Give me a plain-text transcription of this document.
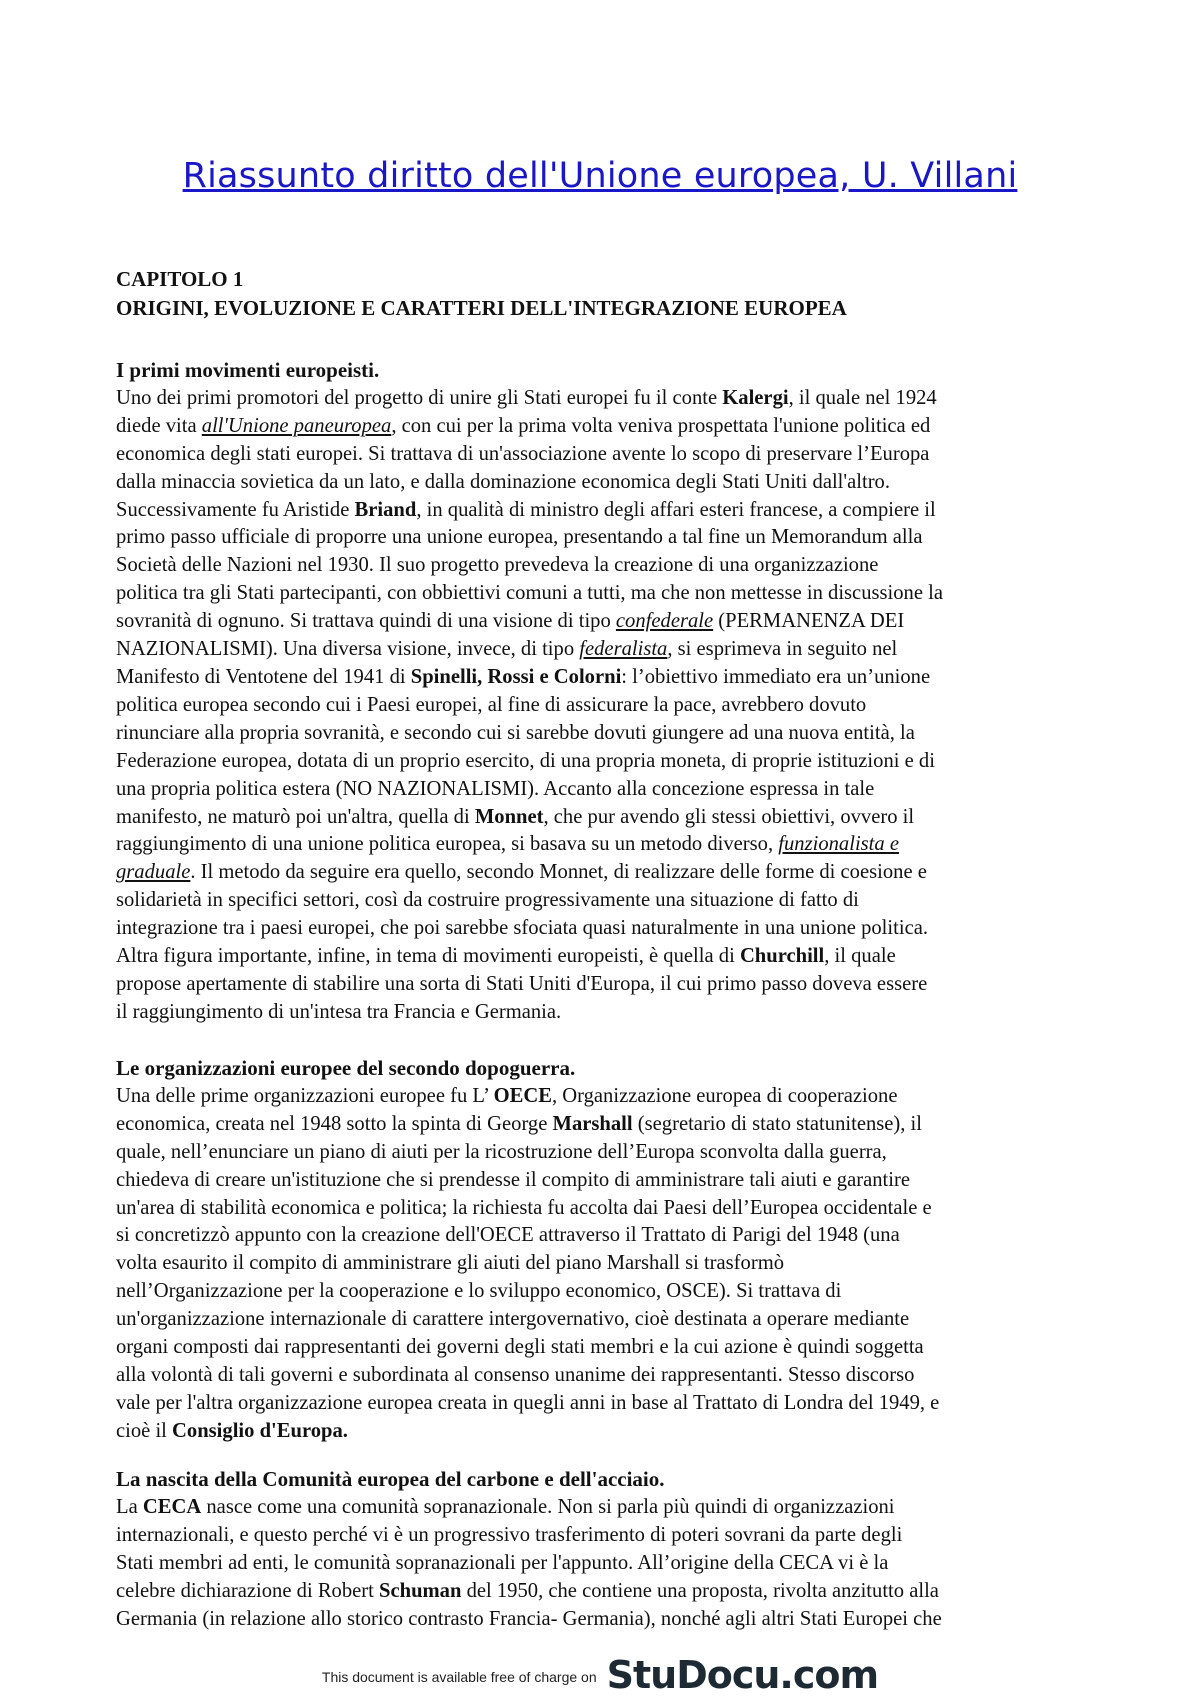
Riassunto diritto dell'Unione europea, U. Villani
CAPITOLO 1
ORIGINI, EVOLUZIONE E CARATTERI DELL'INTEGRAZIONE EUROPEA
I primi movimenti europeisti.
Uno dei primi promotori del progetto di unire gli Stati europei fu il conte Kalergi, il quale nel 1924
diede vita all'Unione paneuropea, con cui per la prima volta veniva prospettata l'unione politica ed
economica degli stati europei. Si trattava di un'associazione avente lo scopo di preservare l’Europa
dalla minaccia sovietica da un lato, e dalla dominazione economica degli Stati Uniti dall'altro.
Successivamente fu Aristide Briand, in qualità di ministro degli affari esteri francese, a compiere il
primo passo ufficiale di proporre una unione europea, presentando a tal fine un Memorandum alla
Società delle Nazioni nel 1930. Il suo progetto prevedeva la creazione di una organizzazione
politica tra gli Stati partecipanti, con obbiettivi comuni a tutti, ma che non mettesse in discussione la
sovranità di ognuno. Si trattava quindi di una visione di tipo confederale (PERMANENZA DEI
NAZIONALISMI). Una diversa visione, invece, di tipo federalista, si esprimeva in seguito nel
Manifesto di Ventotene del 1941 di Spinelli, Rossi e Colorni: l’obiettivo immediato era un’unione
politica europea secondo cui i Paesi europei, al fine di assicurare la pace, avrebbero dovuto
rinunciare alla propria sovranità, e secondo cui si sarebbe dovuti giungere ad una nuova entità, la
Federazione europea, dotata di un proprio esercito, di una propria moneta, di proprie istituzioni e di
una propria politica estera (NO NAZIONALISMI). Accanto alla concezione espressa in tale
manifesto, ne maturò poi un'altra, quella di Monnet, che pur avendo gli stessi obiettivi, ovvero il
raggiungimento di una unione politica europea, si basava su un metodo diverso, funzionalista e
graduale. Il metodo da seguire era quello, secondo Monnet, di realizzare delle forme di coesione e
solidarietà in specifici settori, così da costruire progressivamente una situazione di fatto di
integrazione tra i paesi europei, che poi sarebbe sfociata quasi naturalmente in una unione politica.
Altra figura importante, infine, in tema di movimenti europeisti, è quella di Churchill, il quale
propose apertamente di stabilire una sorta di Stati Uniti d'Europa, il cui primo passo doveva essere
il raggiungimento di un'intesa tra Francia e Germania.
Le organizzazioni europee del secondo dopoguerra.
Una delle prime organizzazioni europee fu L’ OECE, Organizzazione europea di cooperazione
economica, creata nel 1948 sotto la spinta di George Marshall (segretario di stato statunitense), il
quale, nell’enunciare un piano di aiuti per la ricostruzione dell’Europa sconvolta dalla guerra,
chiedeva di creare un'istituzione che si prendesse il compito di amministrare tali aiuti e garantire
un'area di stabilità economica e politica; la richiesta fu accolta dai Paesi dell’Europea occidentale e
si concretizzò appunto con la creazione dell'OECE attraverso il Trattato di Parigi del 1948 (una
volta esaurito il compito di amministrare gli aiuti del piano Marshall si trasformò
nell’Organizzazione per la cooperazione e lo sviluppo economico, OSCE). Si trattava di
un'organizzazione internazionale di carattere intergovernativo, cioè destinata a operare mediante
organi composti dai rappresentanti dei governi degli stati membri e la cui azione è quindi soggetta
alla volontà di tali governi e subordinata al consenso unanime dei rappresentanti. Stesso discorso
vale per l'altra organizzazione europea creata in quegli anni in base al Trattato di Londra del 1949, e
cioè il Consiglio d'Europa.
La nascita della Comunità europea del carbone e dell'acciaio.
La CECA nasce come una comunità sopranazionale. Non si parla più quindi di organizzazioni
internazionali, e questo perché vi è un progressivo trasferimento di poteri sovrani da parte degli
Stati membri ad enti, le comunità sopranazionali per l'appunto. All’origine della CECA vi è la
celebre dichiarazione di Robert Schuman del 1950, che contiene una proposta, rivolta anzitutto alla
Germania (in relazione allo storico contrasto Francia- Germania), nonché agli altri Stati Europei che
This document is available free of charge on StuDocu.com
